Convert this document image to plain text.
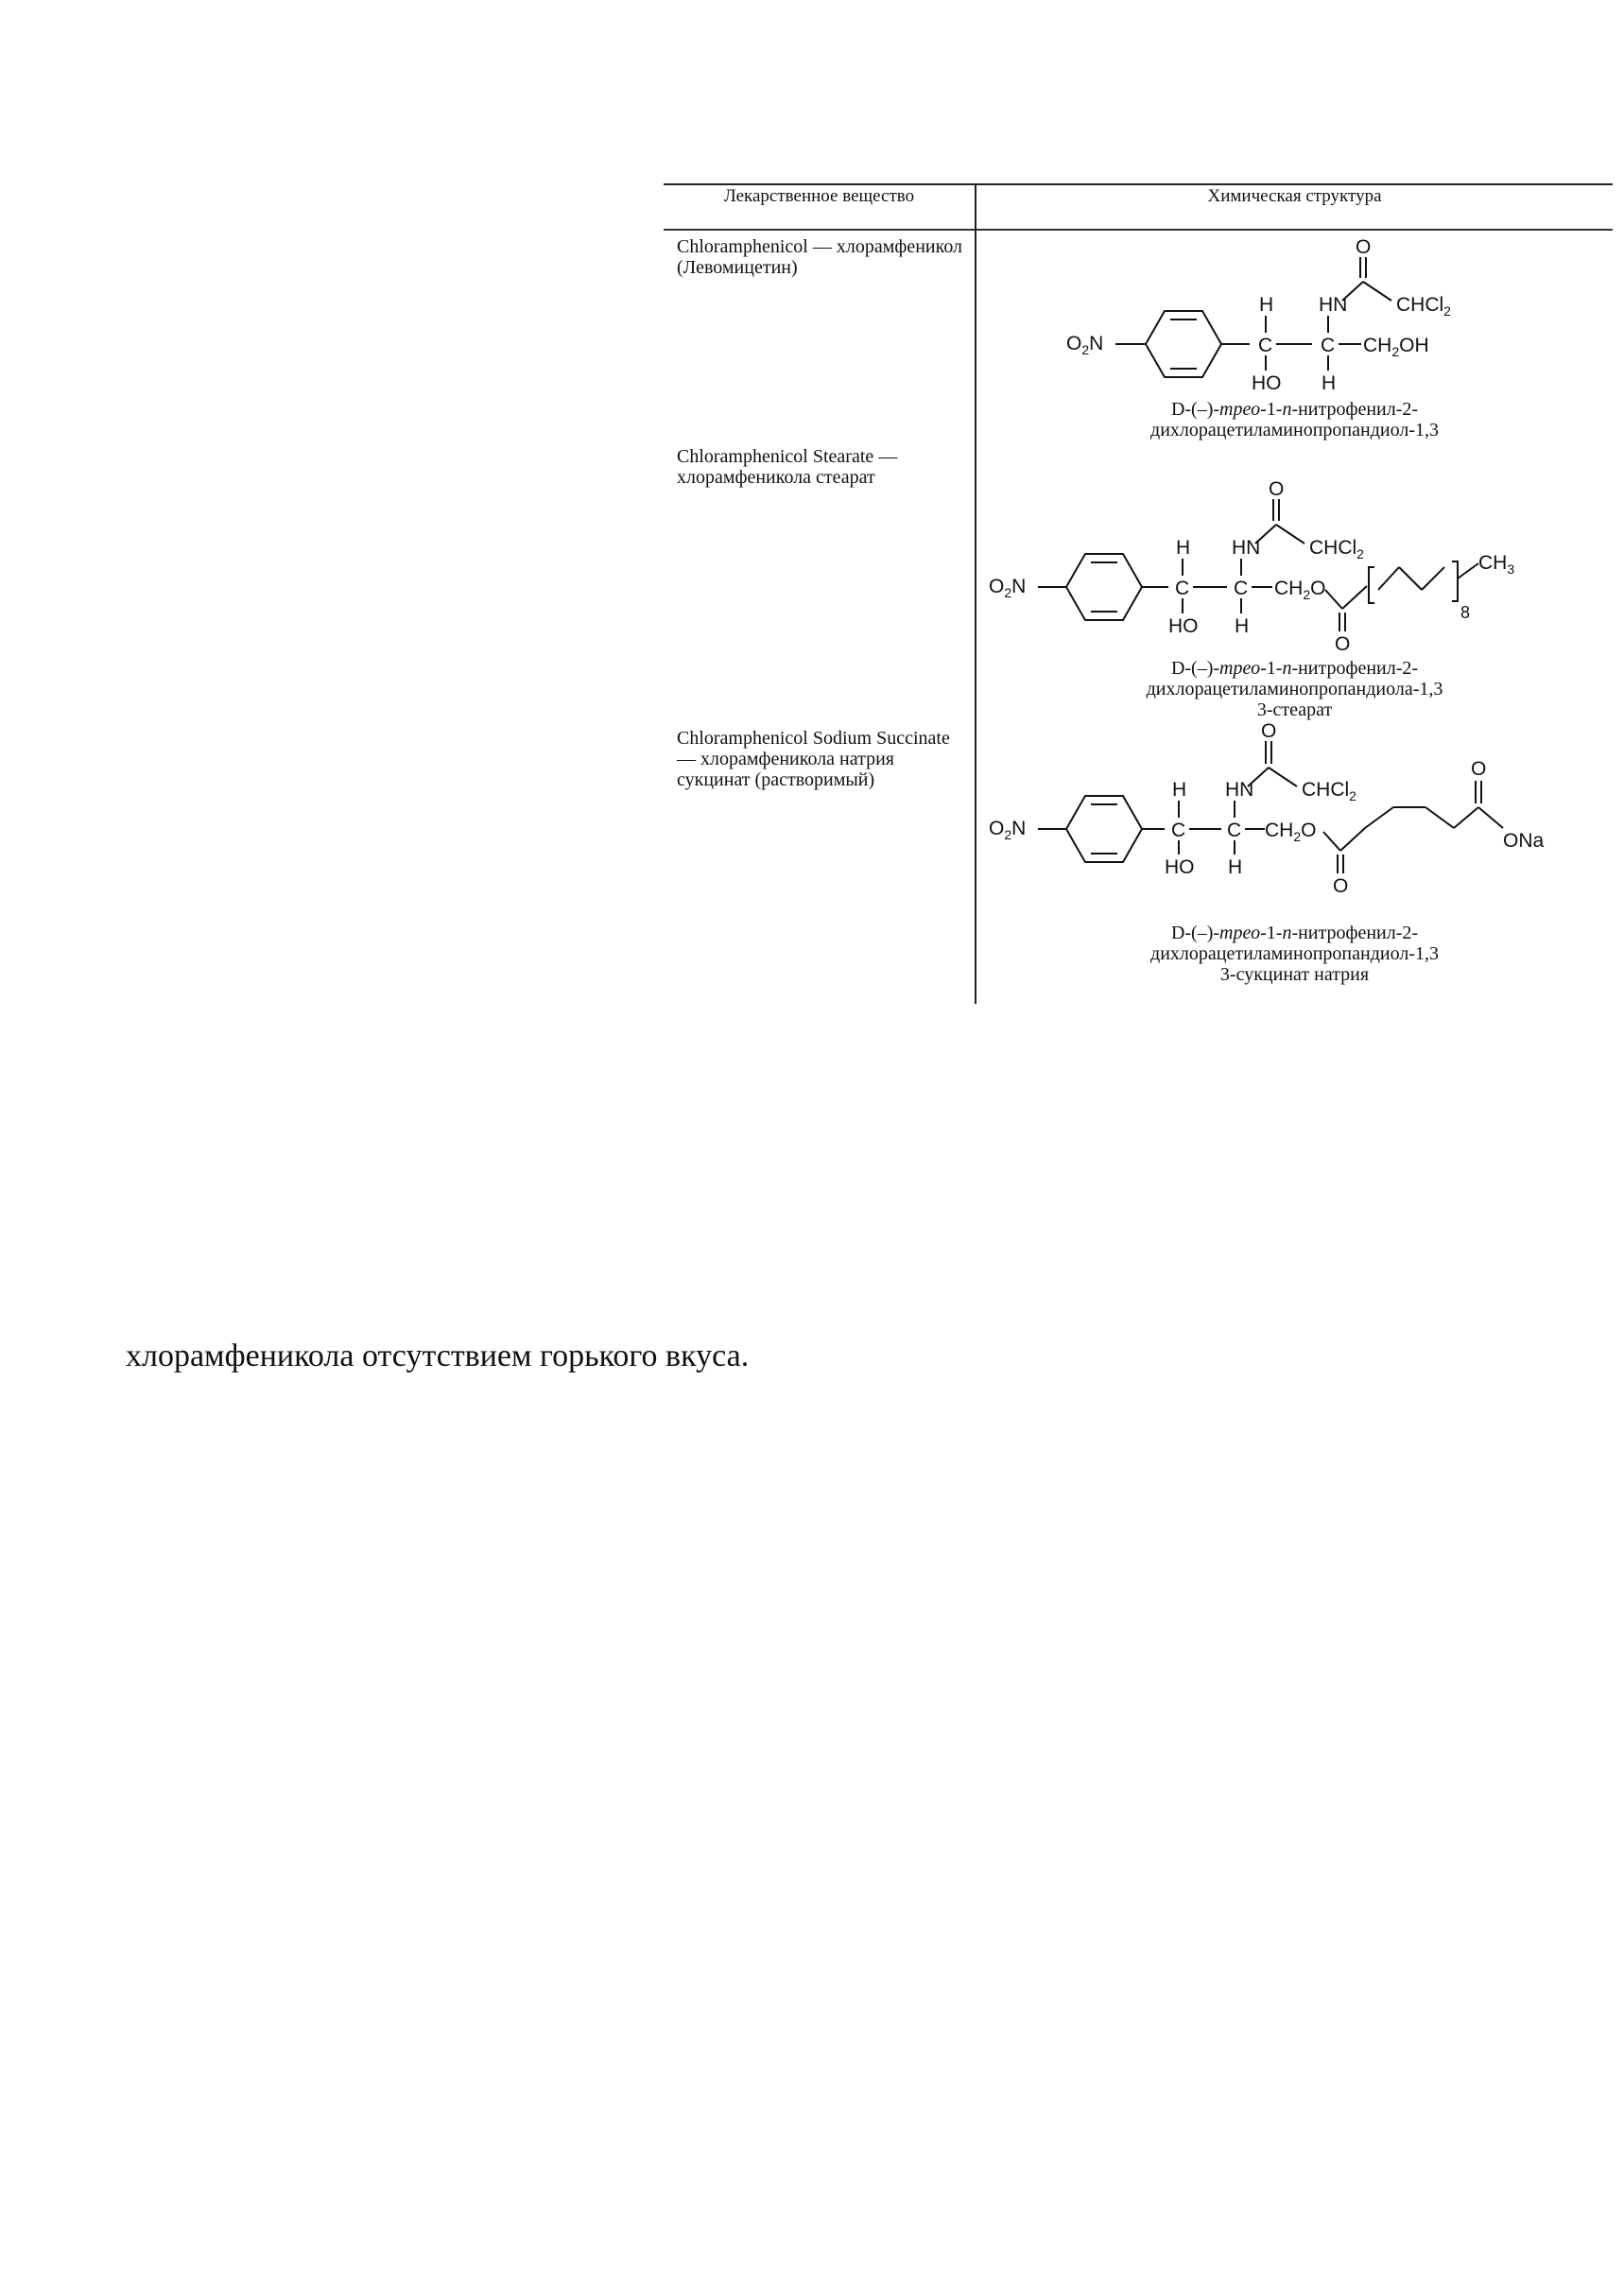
Лекарственное вещество	Химическая структура
Chloramphenicol — хлорамфеникол (Левомицетин)
Chloramphenicol Stearate — хлорамфеникола стеарат
Chloramphenicol Sodium Succinate — хлорамфеникола натрия сукцинат (растворимый)
D-(–)-трео-1-п-нитрофенил-2-
дихлорацетиламинопропандиол-1,3
D-(–)-трео-1-п-нитрофенил-2-
дихлорацетиламинопропандиола-1,3
3-стеарат
D-(–)-трео-1-п-нитрофенил-2-
дихлорацетиламинопропандиол-1,3
3-сукцинат натрия
$O_2N$
H
C
HO
HN
C
H
$CH_2OH$
O
CHCl$_2$
$O_2N$
H
C
HO
HN
C
H
$CH_2O$
O
CHCl$_2$
O
8
$CH_3$
$O_2N$
H
C
HO
HN
C
H
$CH_2O$
O
CHCl$_2$
O
O
ONa
хлорамфеникола отсутствием горького вкуса.
